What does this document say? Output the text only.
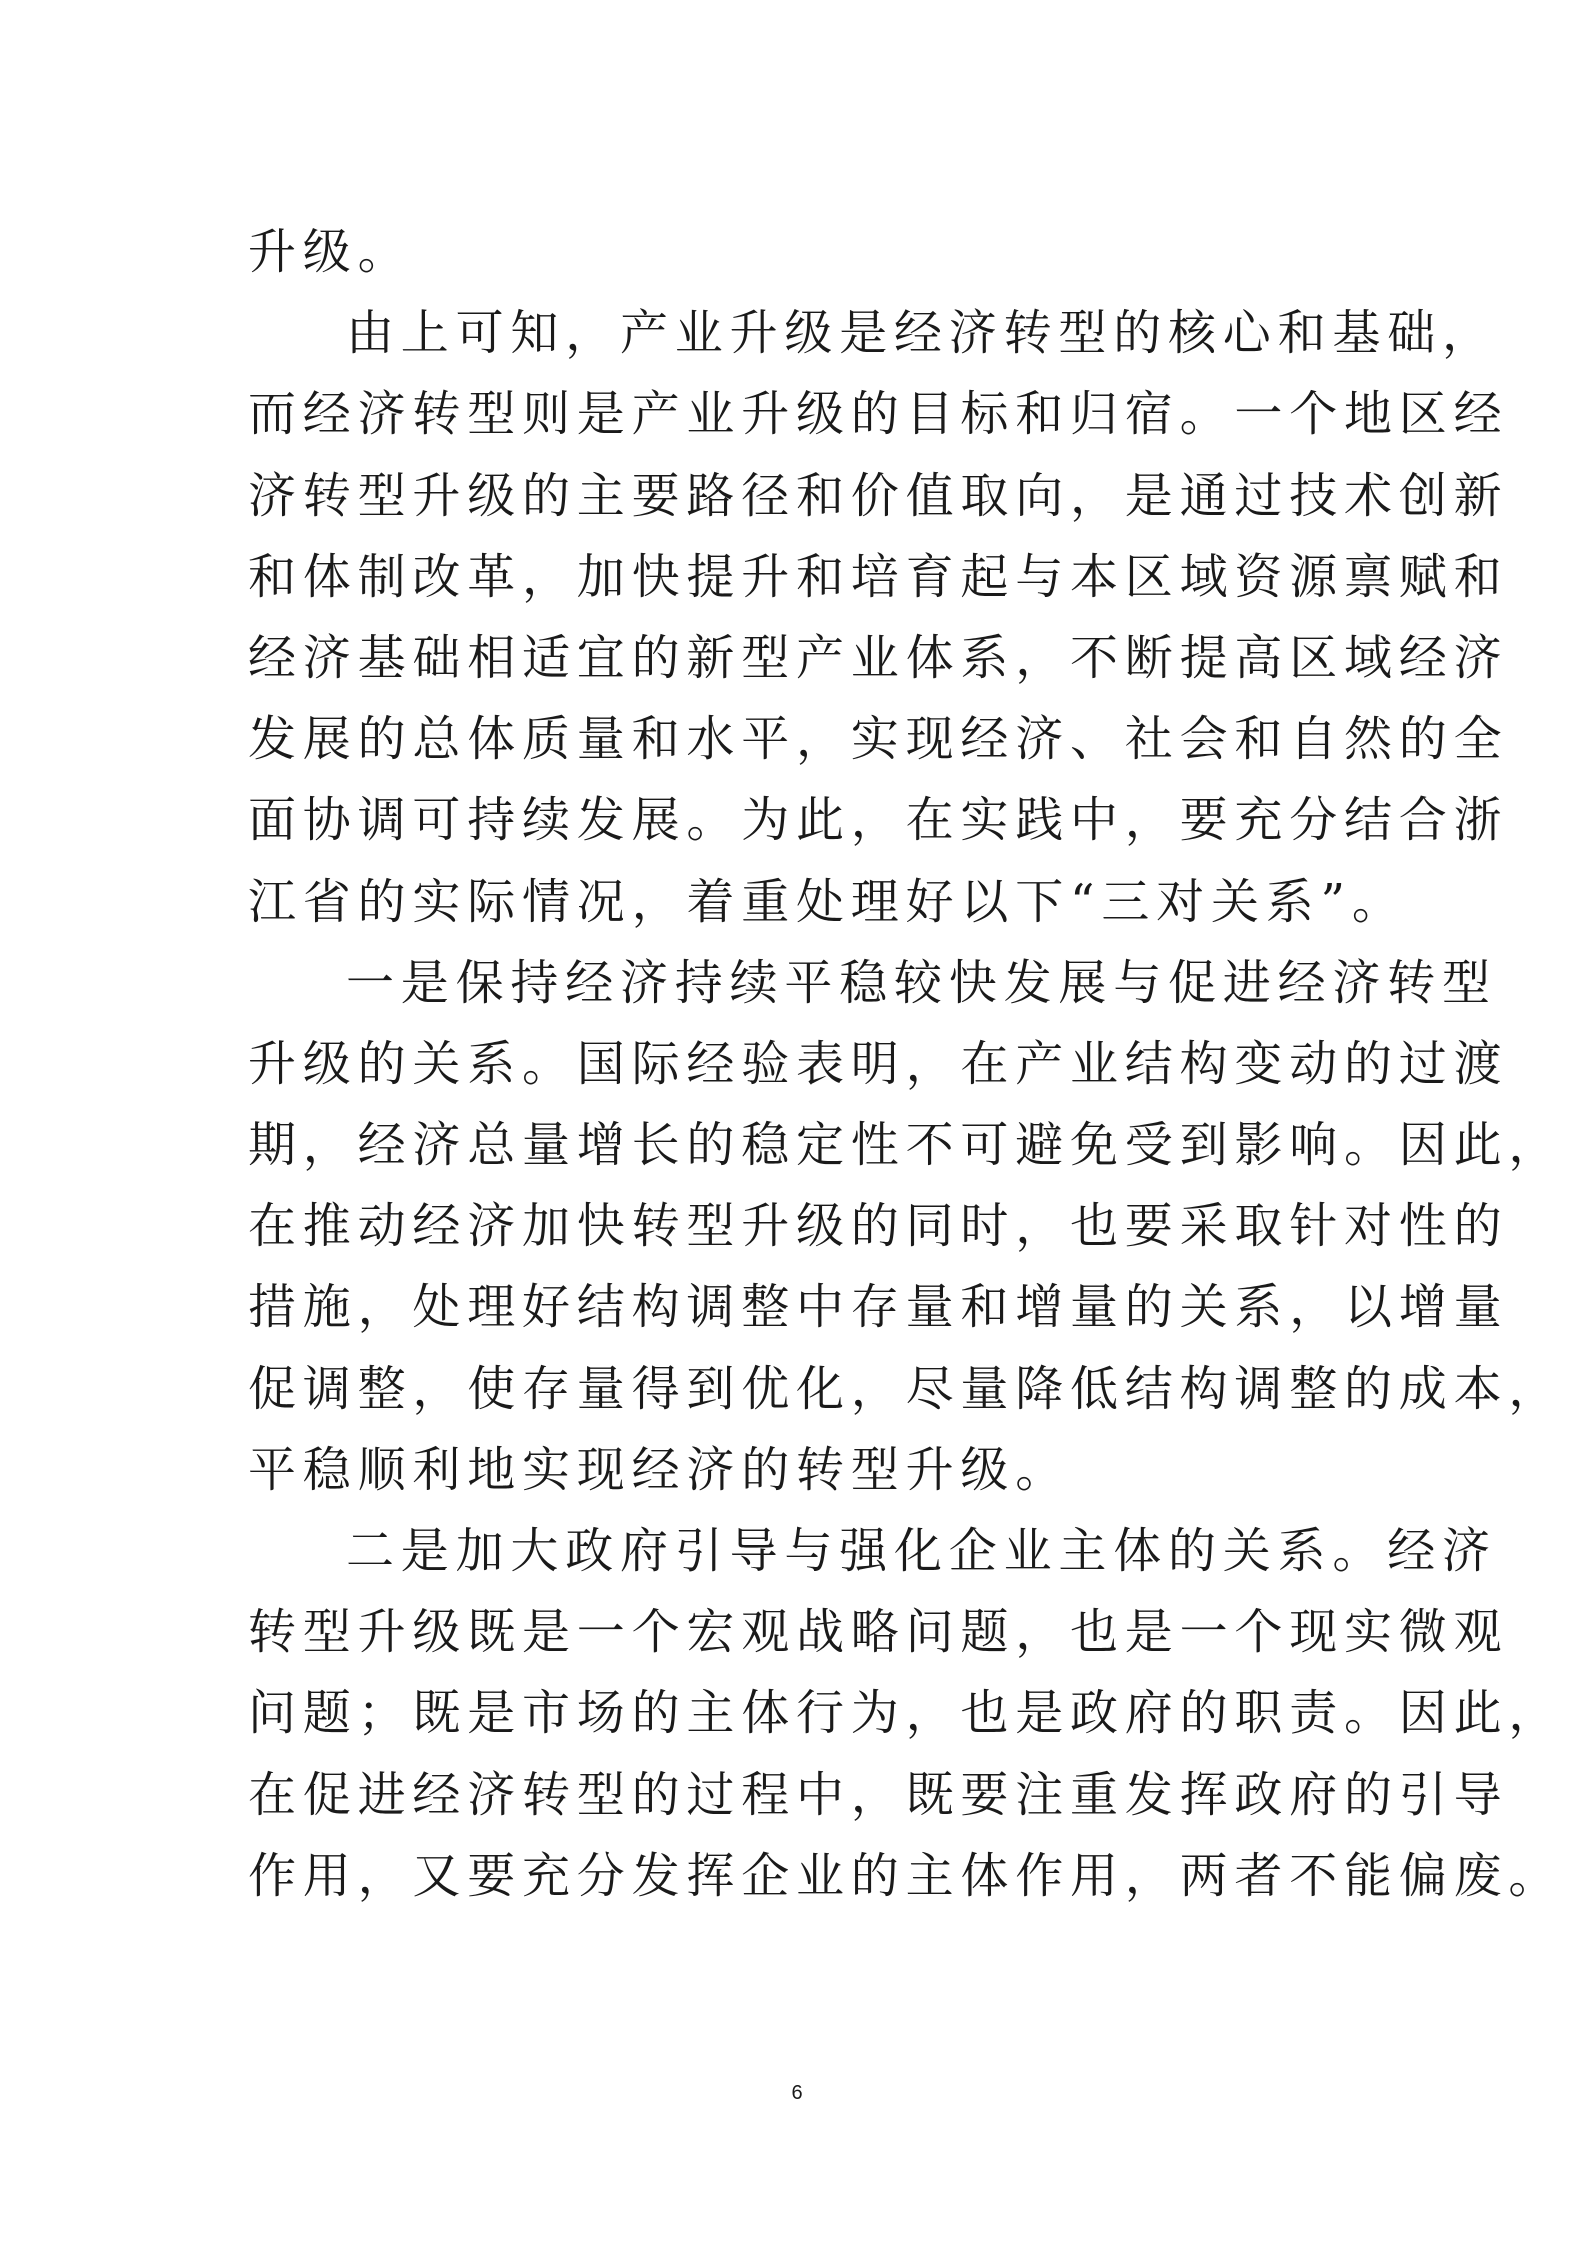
升级。
由上可知，产业升级是经济转型的核心和基础，
而经济转型则是产业升级的目标和归宿。一个地区经
济转型升级的主要路径和价值取向，是通过技术创新
和体制改革，加快提升和培育起与本区域资源禀赋和
经济基础相适宜的新型产业体系，不断提高区域经济
发展的总体质量和水平，实现经济、社会和自然的全
面协调可持续发展。为此，在实践中，要充分结合浙
江省的实际情况，着重处理好以下“三对关系”。
一是保持经济持续平稳较快发展与促进经济转型
升级的关系。国际经验表明，在产业结构变动的过渡
期，经济总量增长的稳定性不可避免受到影响。因此，
在推动经济加快转型升级的同时，也要采取针对性的
措施，处理好结构调整中存量和增量的关系，以增量
促调整，使存量得到优化，尽量降低结构调整的成本，
平稳顺利地实现经济的转型升级。
二是加大政府引导与强化企业主体的关系。经济
转型升级既是一个宏观战略问题，也是一个现实微观
问题；既是市场的主体行为，也是政府的职责。因此，
在促进经济转型的过程中，既要注重发挥政府的引导
作用，又要充分发挥企业的主体作用，两者不能偏废。
6
